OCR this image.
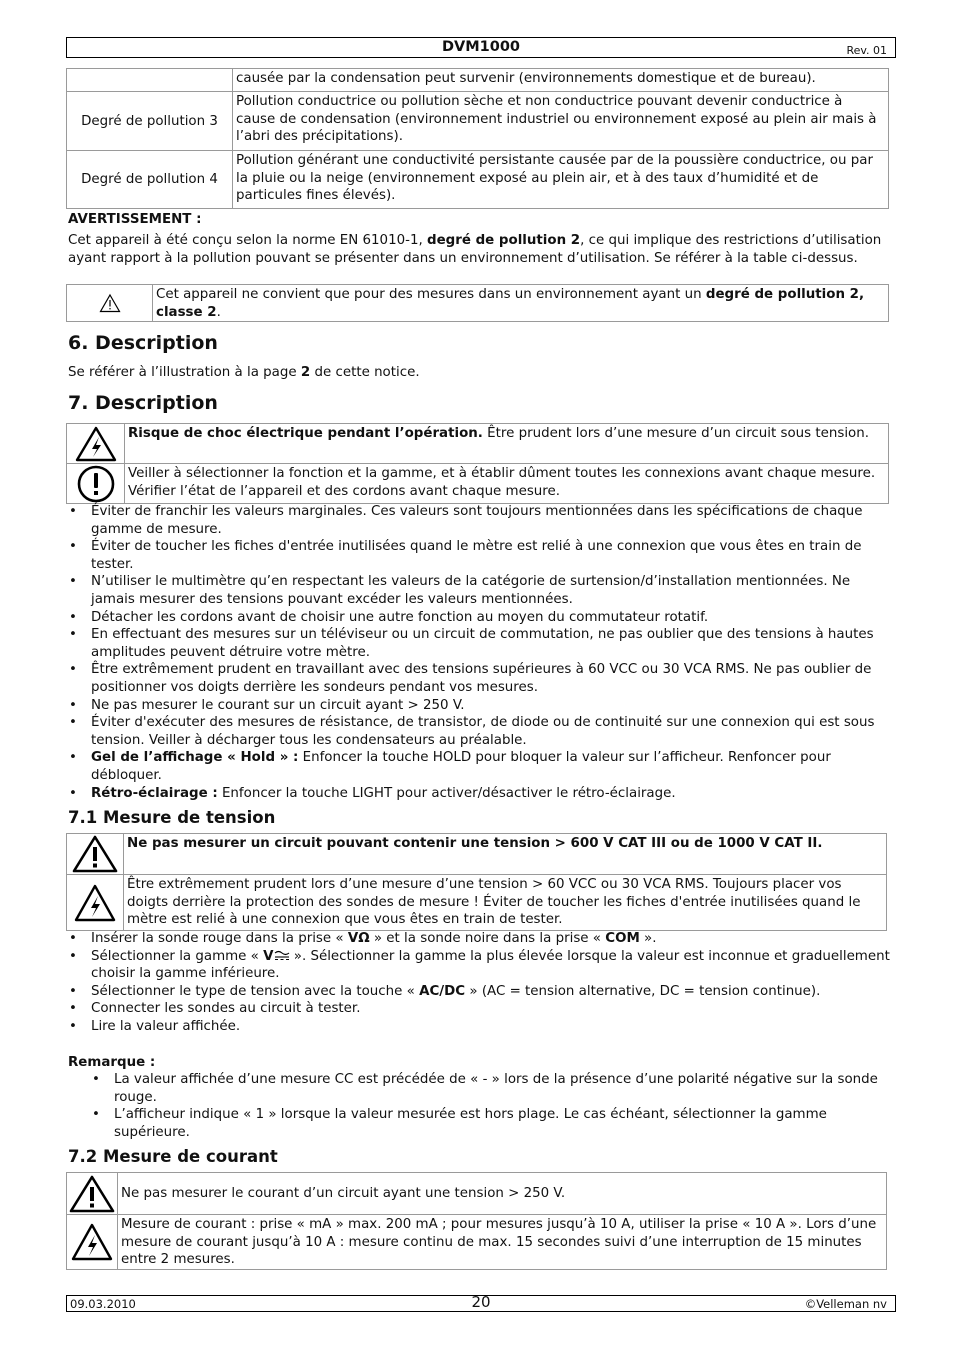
DVM1000	Rev. 01
	causée par la condensation peut survenir (environnements domestique et de bureau).
Degré de pollution 3	Pollution conductrice ou pollution sèche et non conductrice pouvant devenir conductrice à cause de condensation (environnement industriel ou environnement exposé au plein air mais à l’abri des précipitations).
Degré de pollution 4	Pollution générant une conductivité persistante causée par de la poussière conductrice, ou par la pluie ou la neige (environnement exposé au plein air, et à des taux d’humidité et de particules fines élevés).

AVERTISSEMENT :

Cet appareil à été conçu selon la norme EN 61010-1, degré de pollution 2, ce qui implique des restrictions d’utilisation ayant rapport à la pollution pouvant se présenter dans un environnement d’utilisation. Se référer à la table ci-dessus.

	Cet appareil ne convient que pour des mesures dans un environnement ayant un degré de pollution 2, classe 2.
6. Description

Se référer à l’illustration à la page 2 de cette notice.

7. Description
	Risque de choc électrique pendant l’opération. Être prudent lors d’une mesure d’un circuit sous tension.

	Veiller à sélectionner la fonction et la gamme, et à établir dûment toutes les connexions avant chaque mesure. Vérifier l’état de l’appareil et des cordons avant chaque mesure.
• Éviter de franchir les valeurs marginales. Ces valeurs sont toujours mentionnées dans les spécifications de chaque gamme de mesure.
• Éviter de toucher les fiches d'entrée inutilisées quand le mètre est relié à une connexion que vous êtes en train de tester.
• N’utiliser le multimètre qu’en respectant les valeurs de la catégorie de surtension/d’installation mentionnées. Ne jamais mesurer des tensions pouvant excéder les valeurs mentionnées.
• Détacher les cordons avant de choisir une autre fonction au moyen du commutateur rotatif.
• En effectuant des mesures sur un téléviseur ou un circuit de commutation, ne pas oublier que des tensions à hautes amplitudes peuvent détruire votre mètre.
• Être extrêmement prudent en travaillant avec des tensions supérieures à 60 VCC ou 30 VCA RMS. Ne pas oublier de positionner vos doigts derrière les sondeurs pendant vos mesures.
• Ne pas mesurer le courant sur un circuit ayant > 250 V.
• Éviter d'exécuter des mesures de résistance, de transistor, de diode ou de continuité sur une connexion qui est sous tension. Veiller à décharger tous les condensateurs au préalable.
• Gel de l’affichage « Hold » : Enfoncer la touche HOLD pour bloquer la valeur sur l’afficheur. Renfoncer pour débloquer.
• Rétro-éclairage : Enfoncer la touche LIGHT pour activer/désactiver le rétro-éclairage.
7.1 Mesure de tension
	Ne pas mesurer un circuit pouvant contenir une tension > 600 V CAT III ou de 1000 V CAT II.

	Être extrêmement prudent lors d’une mesure d’une tension > 60 VCC ou 30 VCA RMS. Toujours placer vos doigts derrière la protection des sondes de mesure ! Éviter de toucher les fiches d'entrée inutilisées quand le mètre est relié à une connexion que vous êtes en train de tester.
• Insérer la sonde rouge dans la prise « VΩ » et la sonde noire dans la prise « COM ».
• Sélectionner la gamme « V
». Sélectionner la gamme la plus élevée lorsque la valeur est inconnue et graduellement choisir la gamme inférieure.
• Sélectionner le type de tension avec la touche « AC/DC » (AC = tension alternative, DC = tension continue).
• Connecter les sondes au circuit à tester.
• Lire la valeur affichée.

Remarque :

• La valeur affichée d’une mesure CC est précédée de « - » lors de la présence d’une polarité négative sur la sonde rouge.
• L’afficheur indique « 1 » lorsque la valeur mesurée est hors plage. Le cas échéant, sélectionner la gamme supérieure.
7.2 Mesure de courant
	Ne pas mesurer le courant d’un circuit ayant une tension > 250 V.

	Mesure de courant : prise « mA » max. 200 mA ; pour mesures jusqu’à 10 A, utiliser la prise « 10 A ». Lors d’une mesure de courant jusqu’à 10 A : mesure continu de max. 15 secondes suivi d’une interruption de 15 minutes entre 2 mesures.
09.03.2010	20	©Velleman nv
